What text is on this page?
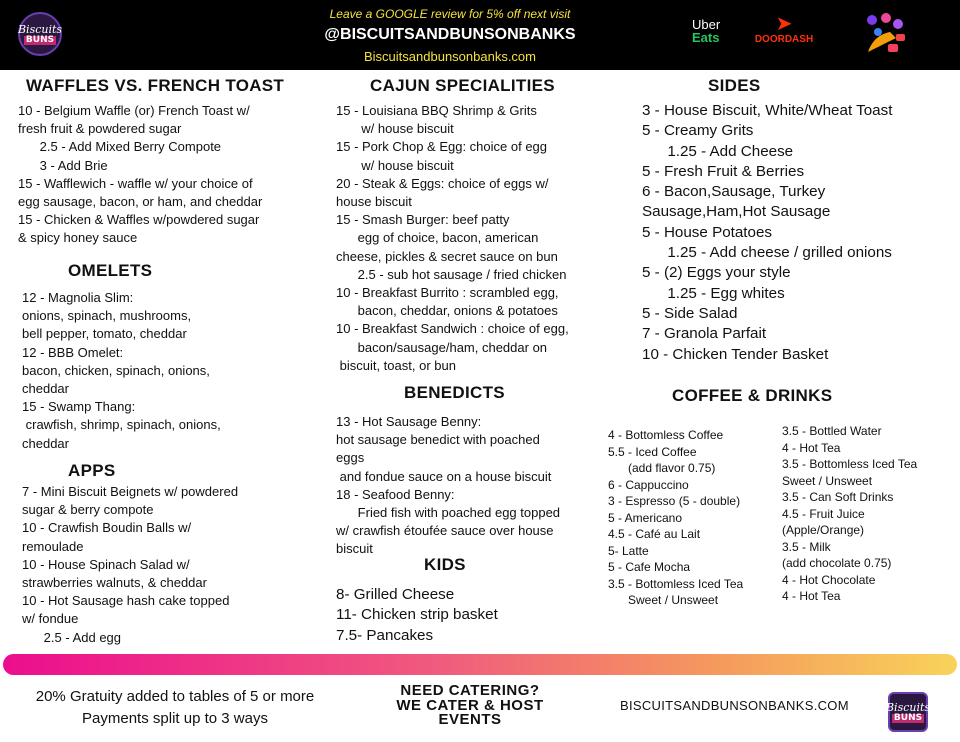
Biscuits
BUNS
Leave a GOOGLE review for 5% off next visit
@BISCUITSANDBUNSONBANKS
Biscuitsandbunsonbanks.com
Uber
Eats
➤
DOORDASH
WAFFLES VS. FRENCH TOAST
10 - Belgium Waffle (or) French Toast w/
fresh fruit & powdered sugar
2.5 - Add Mixed Berry Compote
3 - Add Brie
15 - Wafflewich - waffle w/ your choice of
egg sausage, bacon, or ham, and cheddar
15 - Chicken & Waffles w/powdered sugar
& spicy honey sauce
OMELETS
12 - Magnolia Slim:
onions, spinach, mushrooms,
bell pepper, tomato, cheddar
12 - BBB Omelet:
bacon, chicken, spinach, onions,
cheddar
15 - Swamp Thang:
crawfish, shrimp, spinach, onions,
cheddar
APPS
7 - Mini Biscuit Beignets w/ powdered
sugar & berry compote
10 - Crawfish Boudin Balls w/
remoulade
10 - House Spinach Salad w/
strawberries walnuts, & cheddar
10 - Hot Sausage hash cake topped
w/ fondue
2.5 - Add egg
CAJUN SPECIALITIES
15 - Louisiana BBQ Shrimp & Grits
w/ house biscuit
15 - Pork Chop & Egg: choice of egg
w/ house biscuit
20 - Steak & Eggs: choice of eggs w/
house biscuit
15 - Smash Burger: beef patty
egg of choice, bacon, american
cheese, pickles & secret sauce on bun
2.5 - sub hot sausage / fried chicken
10 - Breakfast Burrito : scrambled egg,
bacon, cheddar, onions & potatoes
10 - Breakfast Sandwich : choice of egg,
bacon/sausage/ham, cheddar on
biscuit, toast, or bun
BENEDICTS
13 - Hot Sausage Benny:
hot sausage benedict with poached
eggs
and fondue sauce on a house biscuit
18 - Seafood Benny:
Fried fish with poached egg topped
w/ crawfish étoufée sauce over house
biscuit
KIDS
8- Grilled Cheese
11- Chicken strip basket
7.5- Pancakes
SIDES
3 - House Biscuit, White/Wheat Toast
5 - Creamy Grits
1.25 - Add Cheese
5 - Fresh Fruit & Berries
6 - Bacon,Sausage, Turkey
Sausage,Ham,Hot Sausage
5 - House Potatoes
1.25 - Add cheese / grilled onions
5 - (2) Eggs your style
1.25 - Egg whites
5 - Side Salad
7 - Granola Parfait
10 - Chicken Tender Basket
COFFEE & DRINKS
4 - Bottomless Coffee
5.5 - Iced Coffee
(add flavor 0.75)
6 - Cappuccino
3 - Espresso (5 - double)
5 - Americano
4.5 - Café au Lait
5- Latte
5 - Cafe Mocha
3.5 - Bottomless Iced Tea
Sweet / Unsweet
3.5 - Bottled Water
4 - Hot Tea
3.5 - Bottomless Iced Tea
Sweet / Unsweet
3.5 - Can Soft Drinks
4.5 - Fruit Juice
(Apple/Orange)
3.5 - Milk
(add chocolate 0.75)
4 - Hot Chocolate
4 - Hot Tea
20% Gratuity added to tables of 5 or more
Payments split up to 3 ways
NEED CATERING?
WE CATER & HOST
EVENTS
BISCUITSANDBUNSONBANKS.COM	Biscuits
BUNS
